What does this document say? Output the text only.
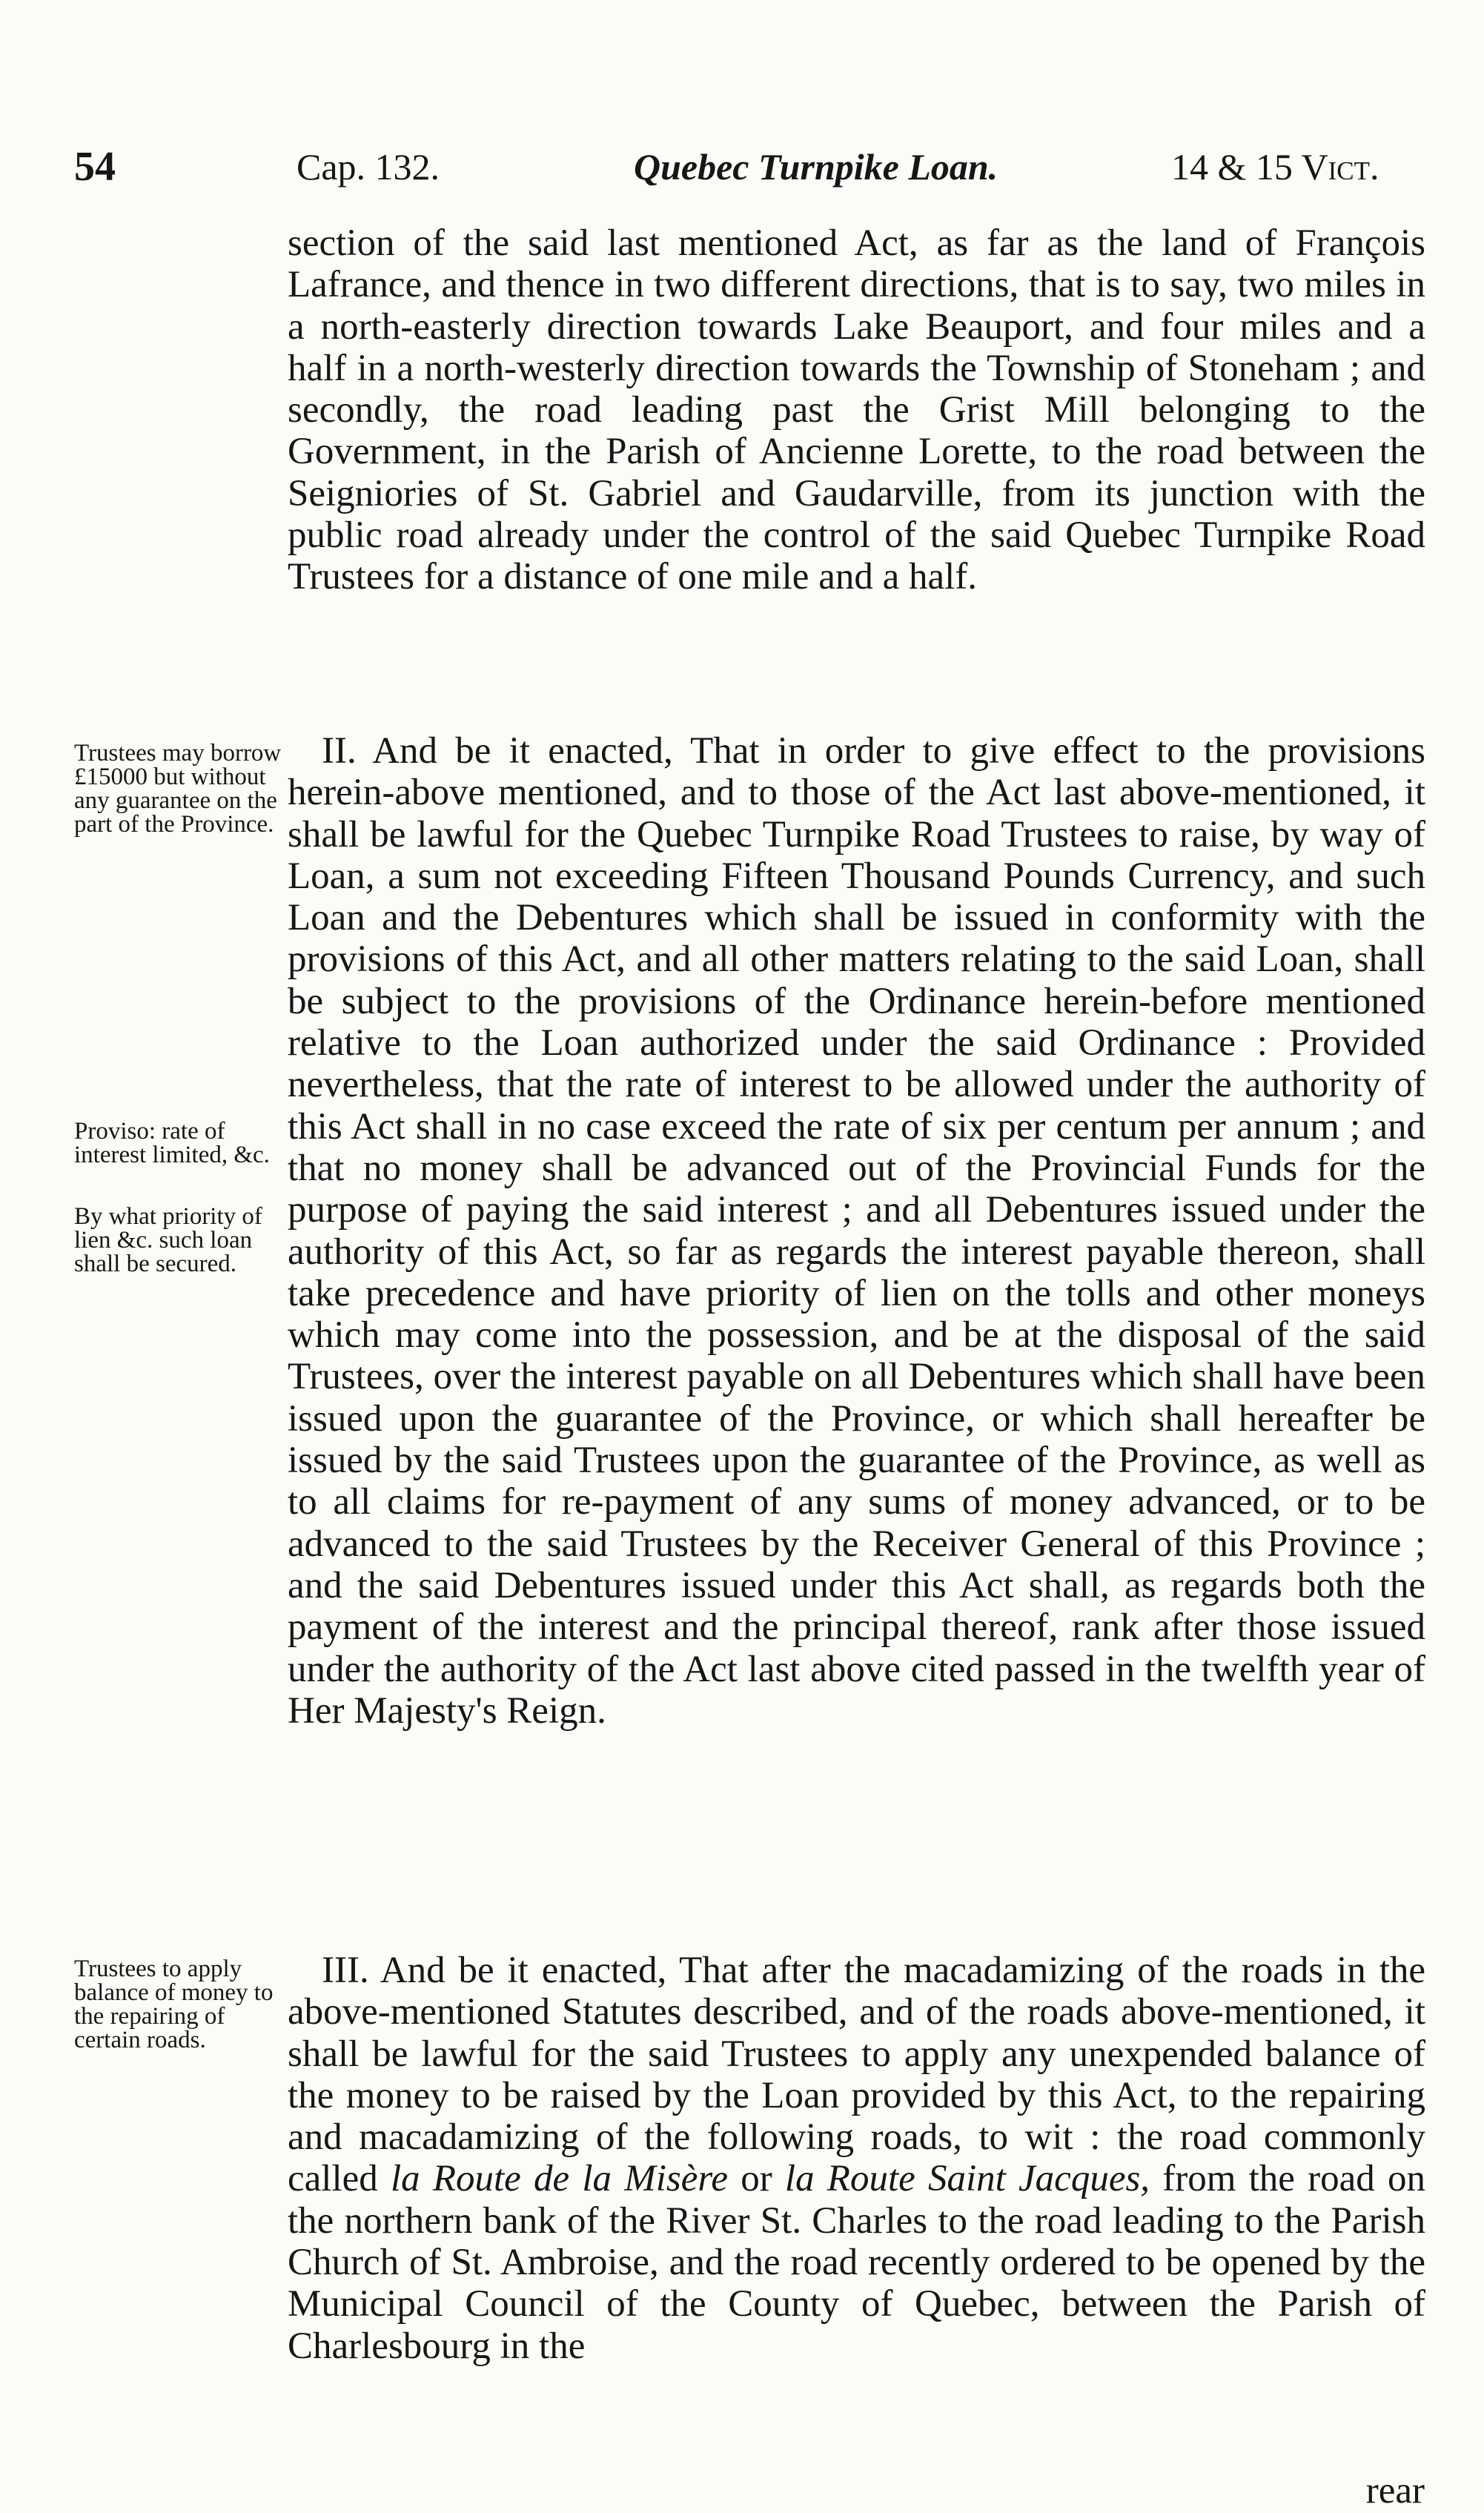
54	Cap. 132.	Quebec Turnpike Loan.	14 & 15 Vict.

section of the said last mentioned Act, as far as the land of François Lafrance, and thence in two different directions, that is to say, two miles in a north-easterly direction towards Lake Beauport, and four miles and a half in a north-westerly direction towards the Township of Stoneham ; and secondly, the road leading past the Grist Mill belonging to the Government, in the Parish of Ancienne Lorette, to the road between the Seigniories of St. Gabriel and Gaudarville, from its junction with the public road already under the control of the said Quebec Turnpike Road Trustees for a distance of one mile and a half.

Trustees may borrow £15000 but without any guarantee on the part of the Province.
Proviso: rate of interest limited, &c.
By what priority of lien &c. such loan shall be secured.
Trustees to apply balance of money to the repairing of certain roads.

II. And be it enacted, That in order to give effect to the provisions herein-above mentioned, and to those of the Act last above-mentioned, it shall be lawful for the Quebec Turnpike Road Trustees to raise, by way of Loan, a sum not exceeding Fifteen Thousand Pounds Currency, and such Loan and the Debentures which shall be issued in conformity with the provisions of this Act, and all other matters relating to the said Loan, shall be subject to the provisions of the Ordinance herein-before mentioned relative to the Loan authorized under the said Ordinance : Provided nevertheless, that the rate of interest to be allowed under the authority of this Act shall in no case exceed the rate of six per centum per annum ; and that no money shall be advanced out of the Provincial Funds for the purpose of paying the said interest ; and all Debentures issued under the authority of this Act, so far as regards the interest payable thereon, shall take precedence and have priority of lien on the tolls and other moneys which may come into the possession, and be at the disposal of the said Trustees, over the interest payable on all Debentures which shall have been issued upon the guarantee of the Province, or which shall hereafter be issued by the said Trustees upon the guarantee of the Province, as well as to all claims for re-payment of any sums of money advanced, or to be advanced to the said Trustees by the Receiver General of this Province ; and the said Debentures issued under this Act shall, as regards both the payment of the interest and the principal thereof, rank after those issued under the authority of the Act last above cited passed in the twelfth year of Her Majesty's Reign.

III. And be it enacted, That after the macadamizing of the roads in the above-mentioned Statutes described, and of the roads above-mentioned, it shall be lawful for the said Trustees to apply any unexpended balance of the money to be raised by the Loan provided by this Act, to the repairing and macadamizing of the following roads, to wit : the road commonly called la Route de la Misère or la Route Saint Jacques, from the road on the northern bank of the River St. Charles to the road leading to the Parish Church of St. Ambroise, and the road recently ordered to be opened by the Municipal Council of the County of Quebec, between the Parish of Charlesbourg in the

rear
